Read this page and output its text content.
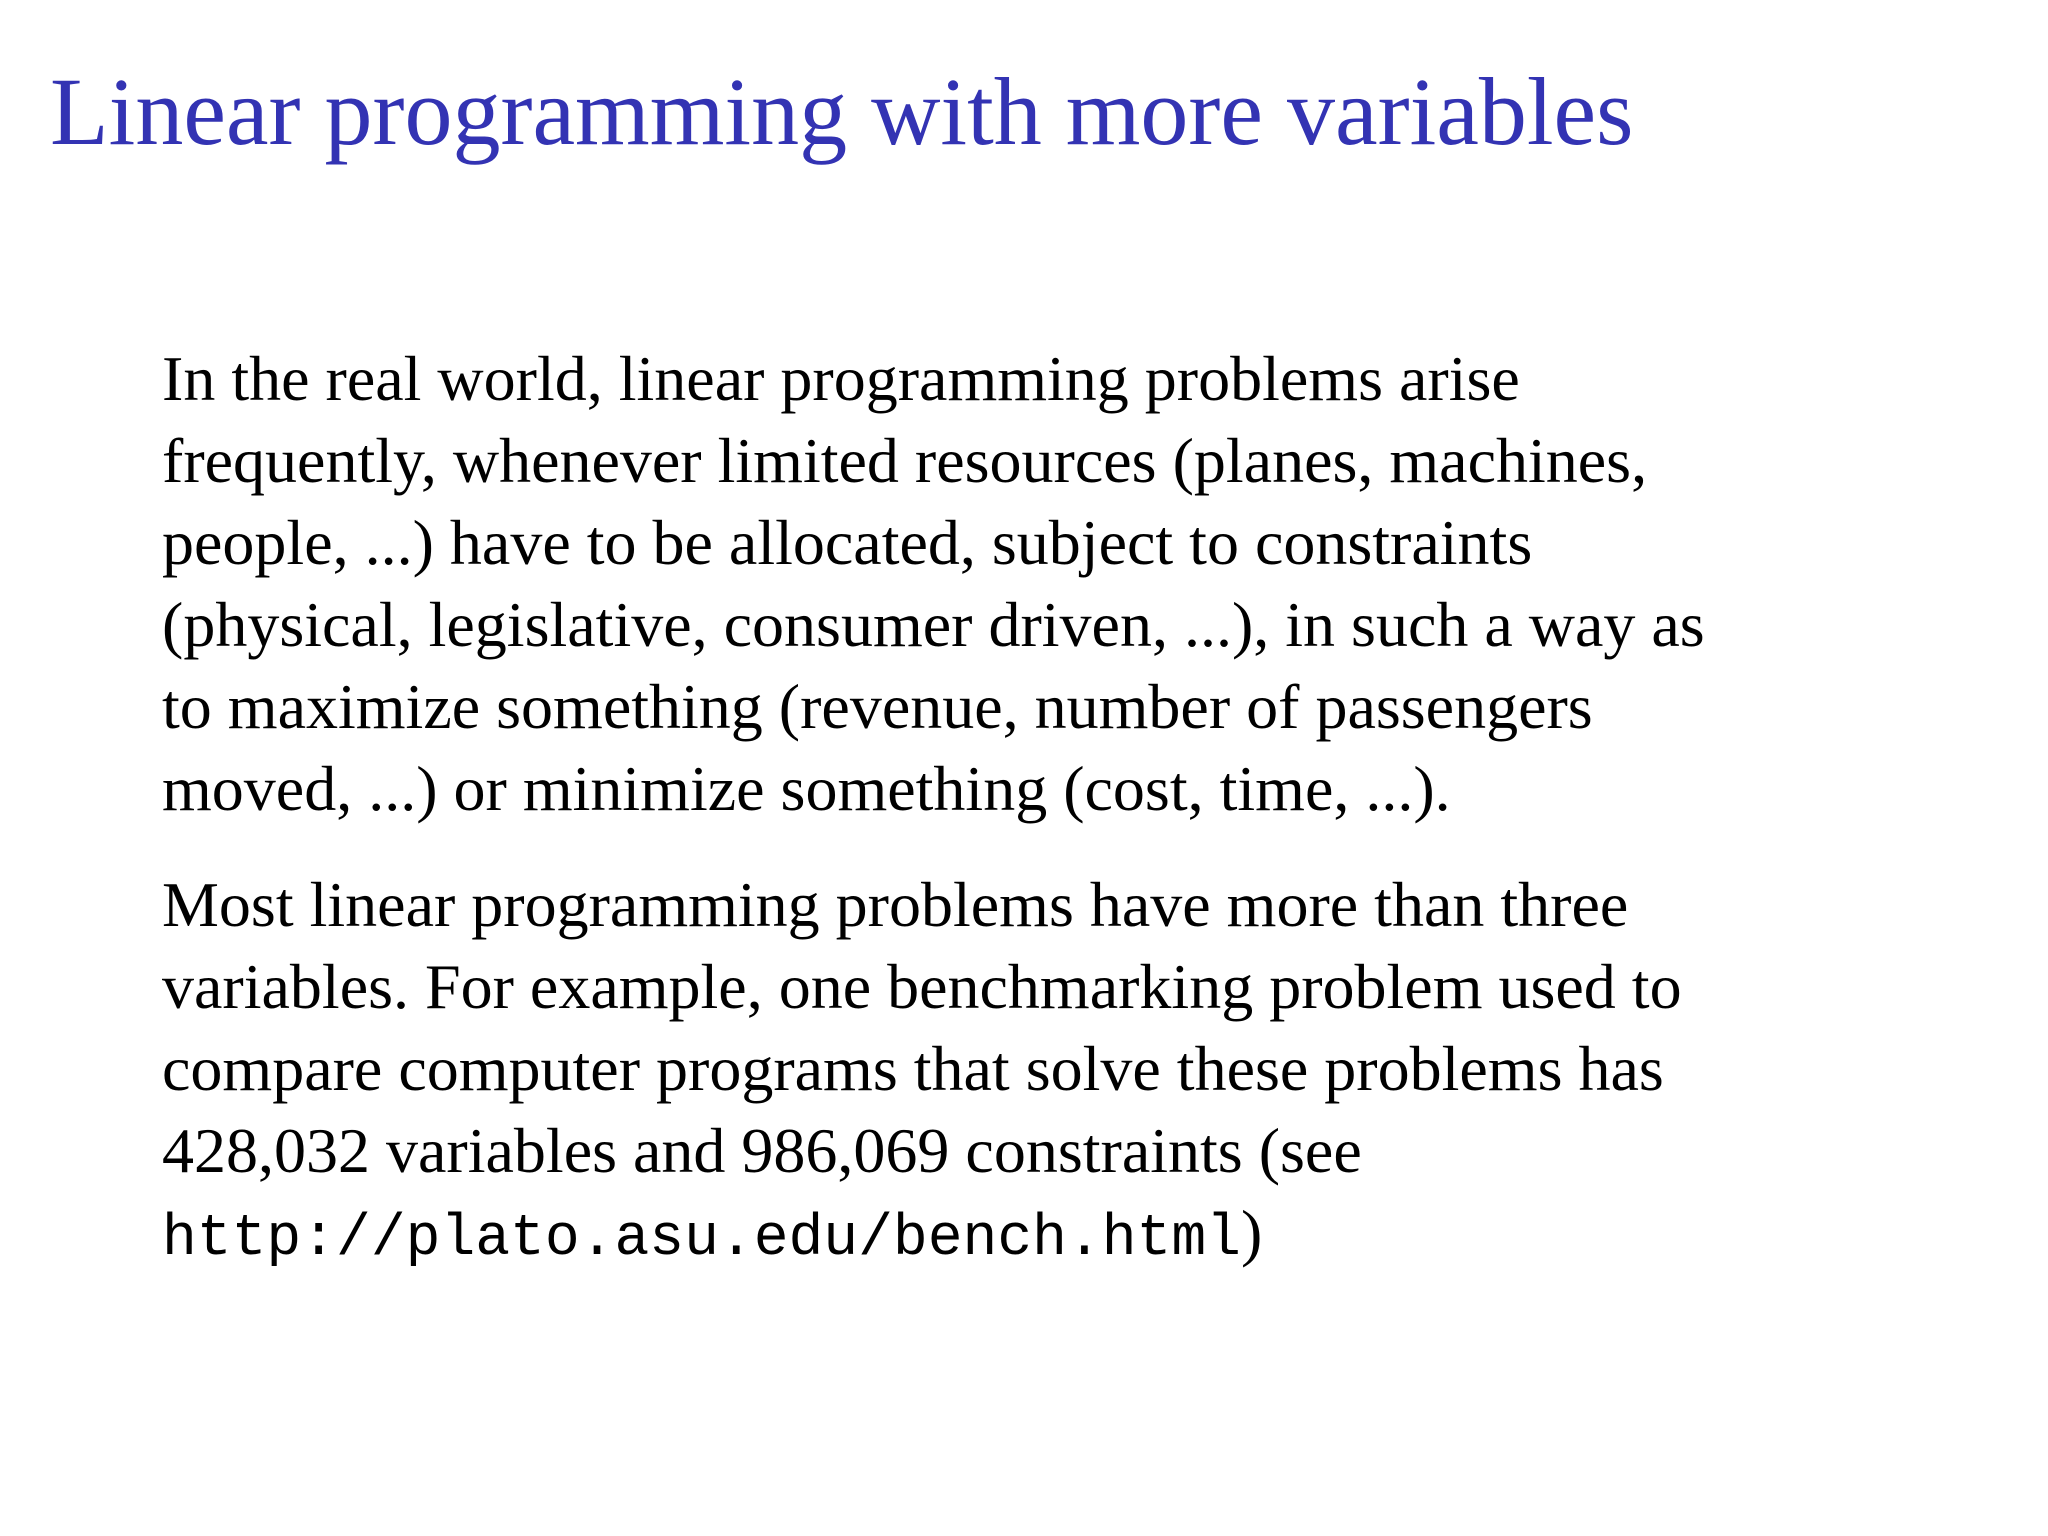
Linear programming with more variables

In the real world, linear programming problems arise
frequently, whenever limited resources (planes, machines,
people, ...) have to be allocated, subject to constraints
(physical, legislative, consumer driven, ...), in such a way as
to maximize something (revenue, number of passengers
moved, ...) or minimize something (cost, time, ...).

Most linear programming problems have more than three
variables. For example, one benchmarking problem used to
compare computer programs that solve these problems has
428,032 variables and 986,069 constraints (see
http://plato.asu.edu/bench.html)
